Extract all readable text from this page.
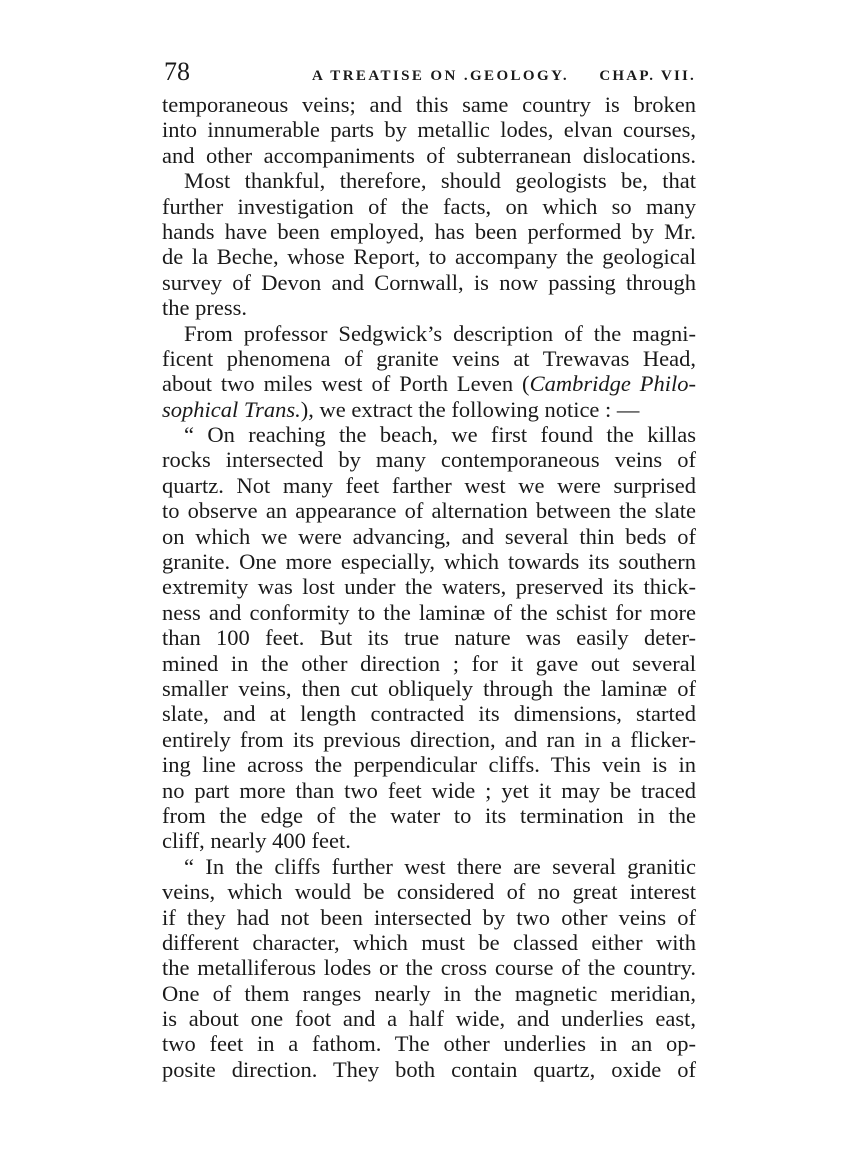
78	A TREATISE ON .GEOLOGY. CHAP. VII.
temporaneous veins; and this same country is broken
into innumerable parts by metallic lodes, elvan courses,
and other accompaniments of subterranean dislocations.
Most thankful, therefore, should geologists be, that
further investigation of the facts, on which so many
hands have been employed, has been performed by Mr.
de la Beche, whose Report, to accompany the geological
survey of Devon and Cornwall, is now passing through
the press.
From professor Sedgwick’s description of the magni-
ficent phenomena of granite veins at Trewavas Head,
about two miles west of Porth Leven (Cambridge Philo-
sophical Trans.), we extract the following notice : —
“ On reaching the beach, we first found the killas
rocks intersected by many contemporaneous veins of
quartz. Not many feet farther west we were surprised
to observe an appearance of alternation between the slate
on which we were advancing, and several thin beds of
granite. One more especially, which towards its southern
extremity was lost under the waters, preserved its thick-
ness and conformity to the laminæ of the schist for more
than 100 feet. But its true nature was easily deter-
mined in the other direction ; for it gave out several
smaller veins, then cut obliquely through the laminæ of
slate, and at length contracted its dimensions, started
entirely from its previous direction, and ran in a flicker-
ing line across the perpendicular cliffs. This vein is in
no part more than two feet wide ; yet it may be traced
from the edge of the water to its termination in the
cliff, nearly 400 feet.
“ In the cliffs further west there are several granitic
veins, which would be considered of no great interest
if they had not been intersected by two other veins of
different character, which must be classed either with
the metalliferous lodes or the cross course of the country.
One of them ranges nearly in the magnetic meridian,
is about one foot and a half wide, and underlies east,
two feet in a fathom. The other underlies in an op-
posite direction. They both contain quartz, oxide of
